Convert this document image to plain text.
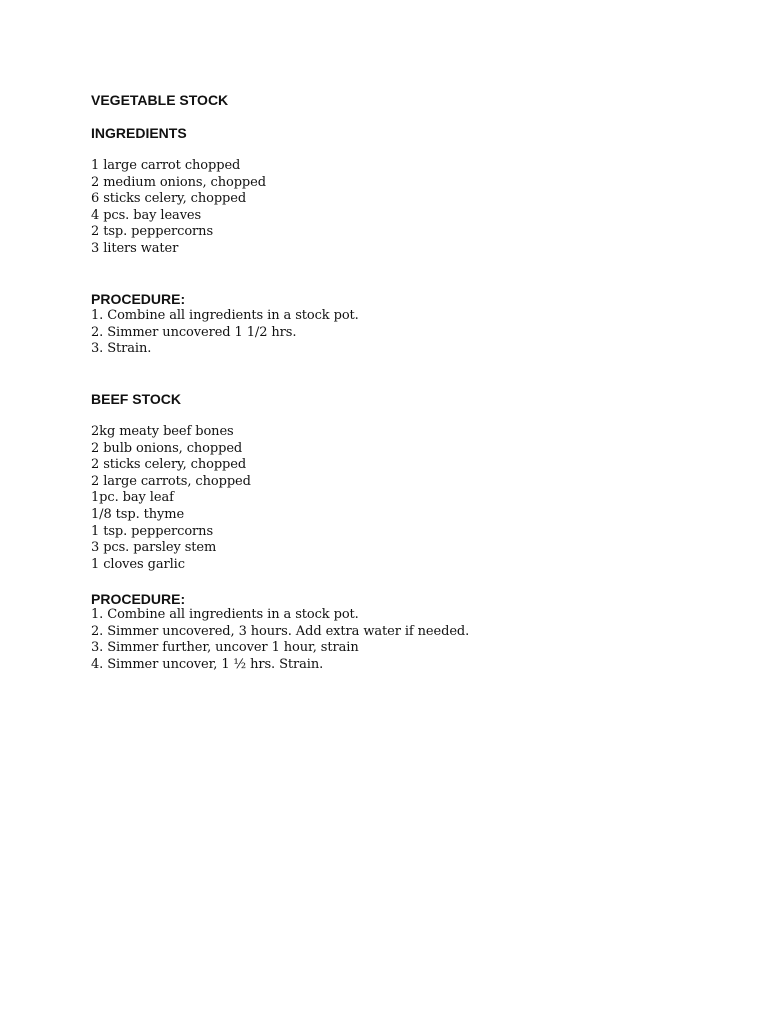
VEGETABLE STOCK
INGREDIENTS
1 large carrot chopped
2 medium onions, chopped
6 sticks celery, chopped
4 pcs. bay leaves
2 tsp. peppercorns
3 liters water
PROCEDURE:
1. Combine all ingredients in a stock pot.
2. Simmer uncovered 1 1/2 hrs.
3. Strain.
BEEF STOCK
2kg meaty beef bones
2 bulb onions, chopped
2 sticks celery, chopped
2 large carrots, chopped
1pc. bay leaf
1/8 tsp. thyme
1 tsp. peppercorns
3 pcs. parsley stem
1 cloves garlic
PROCEDURE:
1. Combine all ingredients in a stock pot.
2. Simmer uncovered, 3 hours. Add extra water if needed.
3. Simmer further, uncover 1 hour, strain
4. Simmer uncover, 1 ½ hrs. Strain.
